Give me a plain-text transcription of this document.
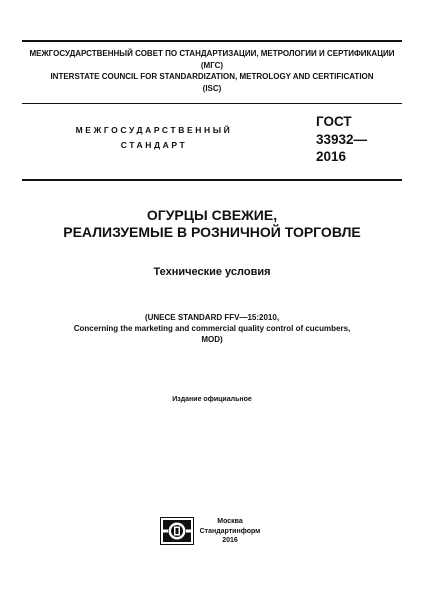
МЕЖГОСУДАРСТВЕННЫЙ СОВЕТ ПО СТАНДАРТИЗАЦИИ, МЕТРОЛОГИИ И СЕРТИФИКАЦИИ
(МГС)
INTERSTATE COUNCIL FOR STANDARDIZATION, METROLOGY AND CERTIFICATION
(ISC)
МЕЖГОСУДАРСТВЕННЫЙ
СТАНДАРТ
ГОСТ
33932—
2016
ОГУРЦЫ СВЕЖИЕ,
РЕАЛИЗУЕМЫЕ В РОЗНИЧНОЙ ТОРГОВЛЕ
Технические условия
(UNECE STANDARD FFV—15:2010,
Concerning the marketing and commercial quality control of cucumbers,
MOD)
Издание официальное
Москва
Стандартинформ
2016
